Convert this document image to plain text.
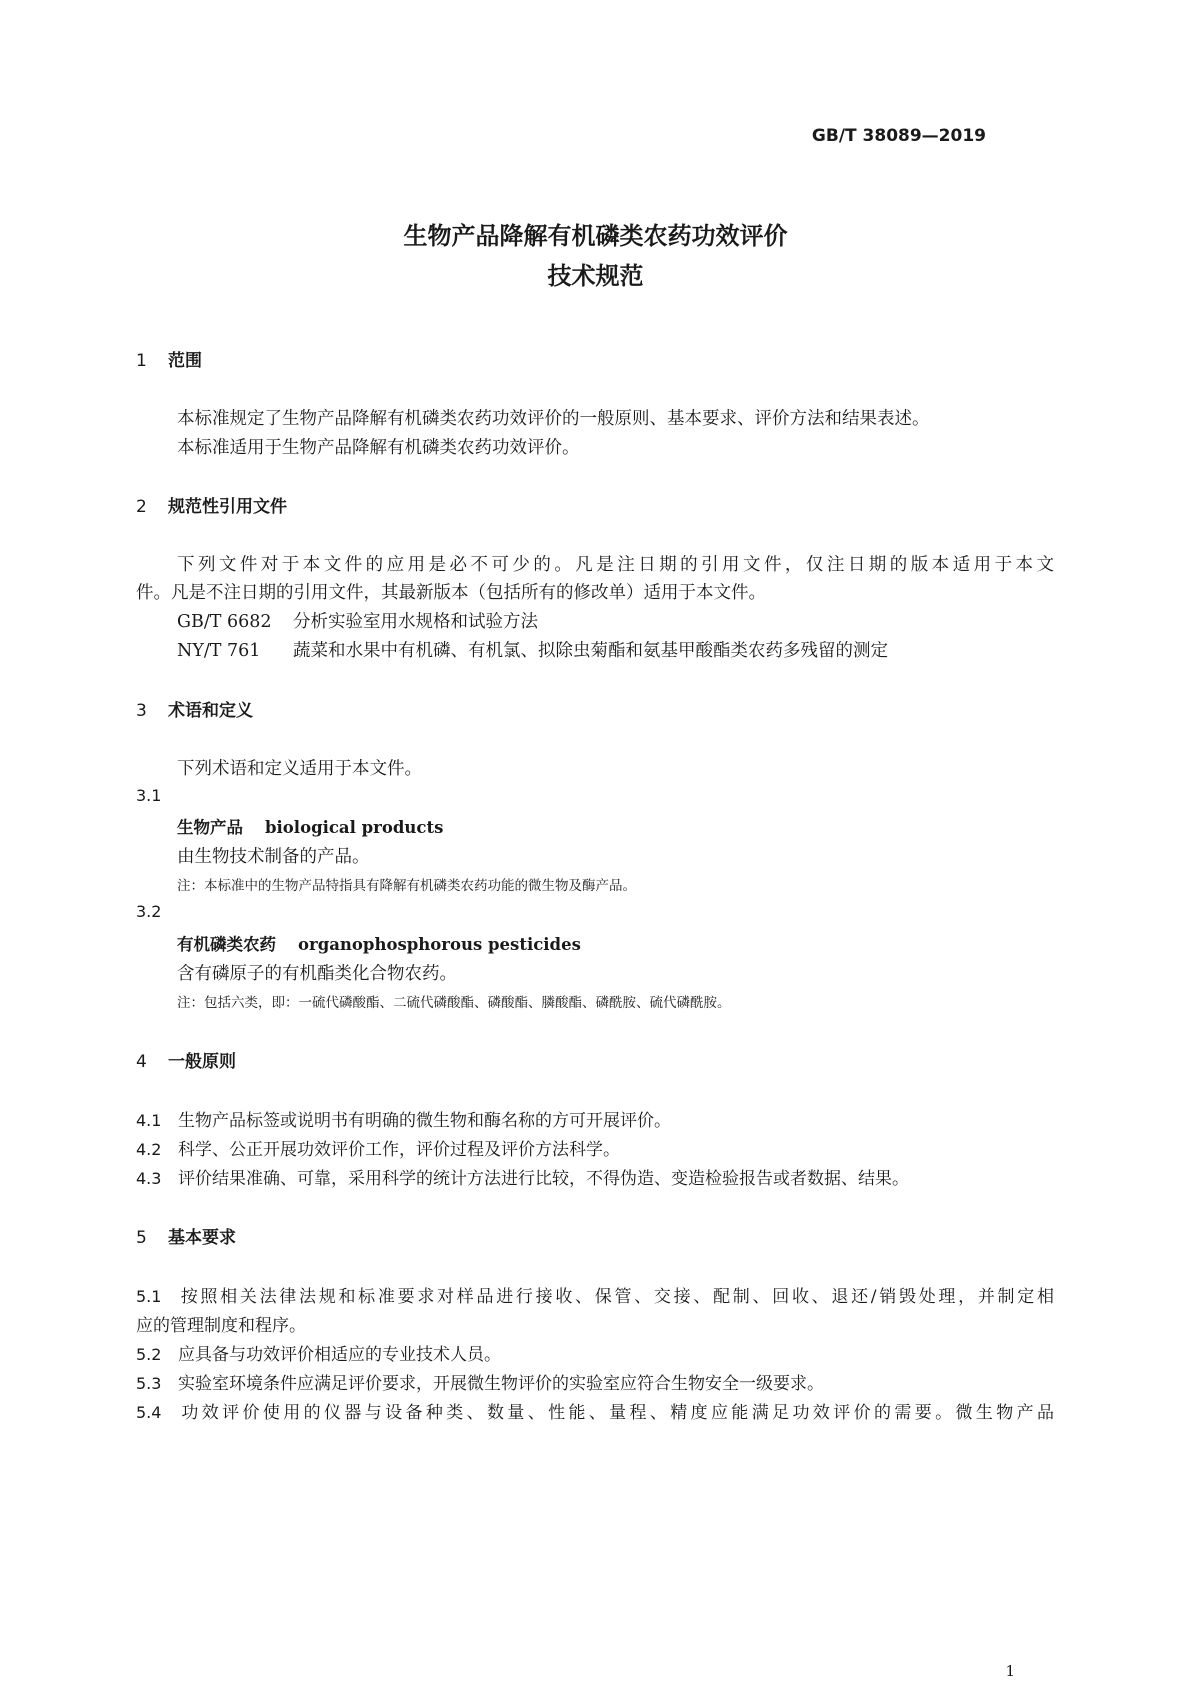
GB/T 38089—2019
生物产品降解有机磷类农药功效评价
技术规范
1 范围
本标准规定了生物产品降解有机磷类农药功效评价的一般原则、基本要求、评价方法和结果表述。
本标准适用于生物产品降解有机磷类农药功效评价。
2 规范性引用文件
下列文件对于本文件的应用是必不可少的。凡是注日期的引用文件，仅注日期的版本适用于本文
件。凡是不注日期的引用文件，其最新版本（包括所有的修改单）适用于本文件。
GB/T 6682 分析实验室用水规格和试验方法
NY/T 761 蔬菜和水果中有机磷、有机氯、拟除虫菊酯和氨基甲酸酯类农药多残留的测定
3 术语和定义
下列术语和定义适用于本文件。
3.1
生物产品 biological products
由生物技术制备的产品。
注：本标准中的生物产品特指具有降解有机磷类农药功能的微生物及酶产品。
3.2
有机磷类农药 organophosphorous pesticides
含有磷原子的有机酯类化合物农药。
注：包括六类，即：一硫代磷酸酯、二硫代磷酸酯、磷酸酯、膦酸酯、磷酰胺、硫代磷酰胺。
4 一般原则
4.1 生物产品标签或说明书有明确的微生物和酶名称的方可开展评价。
4.2 科学、公正开展功效评价工作，评价过程及评价方法科学。
4.3 评价结果准确、可靠，采用科学的统计方法进行比较，不得伪造、变造检验报告或者数据、结果。
5 基本要求
5.1 按照相关法律法规和标准要求对样品进行接收、保管、交接、配制、回收、退还/销毁处理，并制定相
应的管理制度和程序。
5.2 应具备与功效评价相适应的专业技术人员。
5.3 实验室环境条件应满足评价要求，开展微生物评价的实验室应符合生物安全一级要求。
5.4 功效评价使用的仪器与设备种类、数量、性能、量程、精度应能满足功效评价的需要。微生物产品
1
